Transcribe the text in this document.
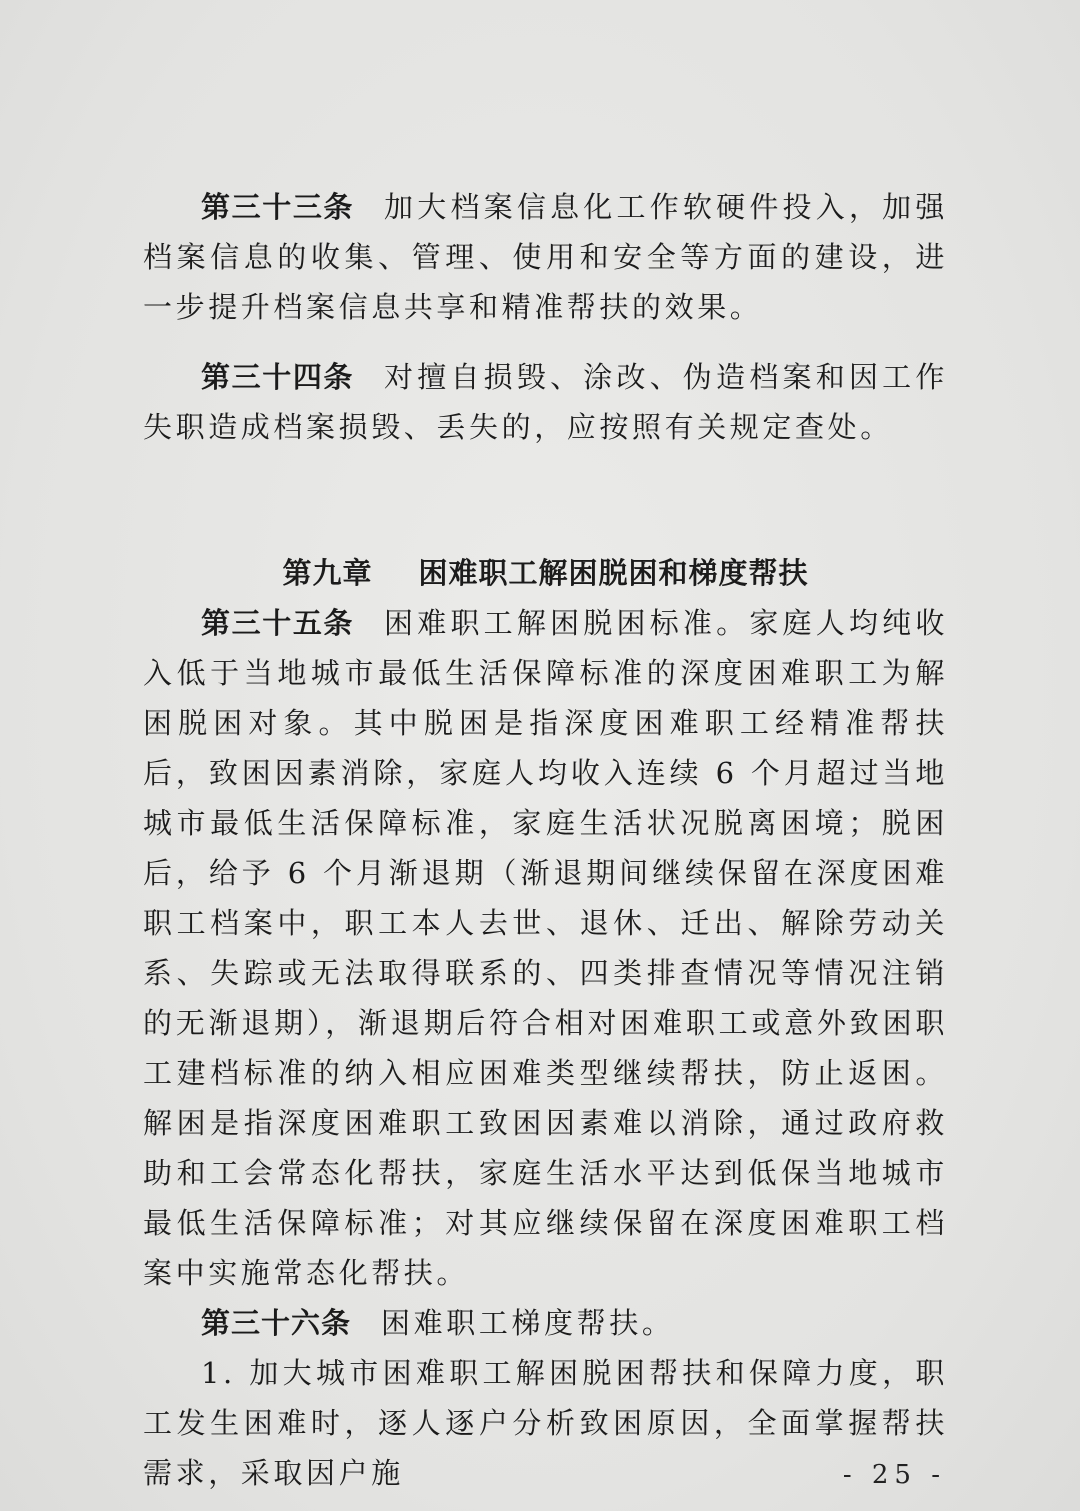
第三十三条 加大档案信息化工作软硬件投入，加强档案信息的收集、管理、使用和安全等方面的建设，进一步提升档案信息共享和精准帮扶的效果。

第三十四条 对擅自损毁、涂改、伪造档案和因工作失职造成档案损毁、丢失的，应按照有关规定查处。

第九章 困难职工解困脱困和梯度帮扶

第三十五条 困难职工解困脱困标准。家庭人均纯收入低于当地城市最低生活保障标准的深度困难职工为解困脱困对象。其中脱困是指深度困难职工经精准帮扶后，致困因素消除，家庭人均收入连续 6 个月超过当地城市最低生活保障标准，家庭生活状况脱离困境；脱困后，给予 6 个月渐退期（渐退期间继续保留在深度困难职工档案中，职工本人去世、退休、迁出、解除劳动关系、失踪或无法取得联系的、四类排查情况等情况注销的无渐退期），渐退期后符合相对困难职工或意外致困职工建档标准的纳入相应困难类型继续帮扶，防止返困。解困是指深度困难职工致困因素难以消除，通过政府救助和工会常态化帮扶，家庭生活水平达到低保当地城市最低生活保障标准；对其应继续保留在深度困难职工档案中实施常态化帮扶。

第三十六条 困难职工梯度帮扶。

1. 加大城市困难职工解困脱困帮扶和保障力度，职工发生困难时，逐人逐户分析致困原因，全面掌握帮扶需求，采取因户施	- 25 -
